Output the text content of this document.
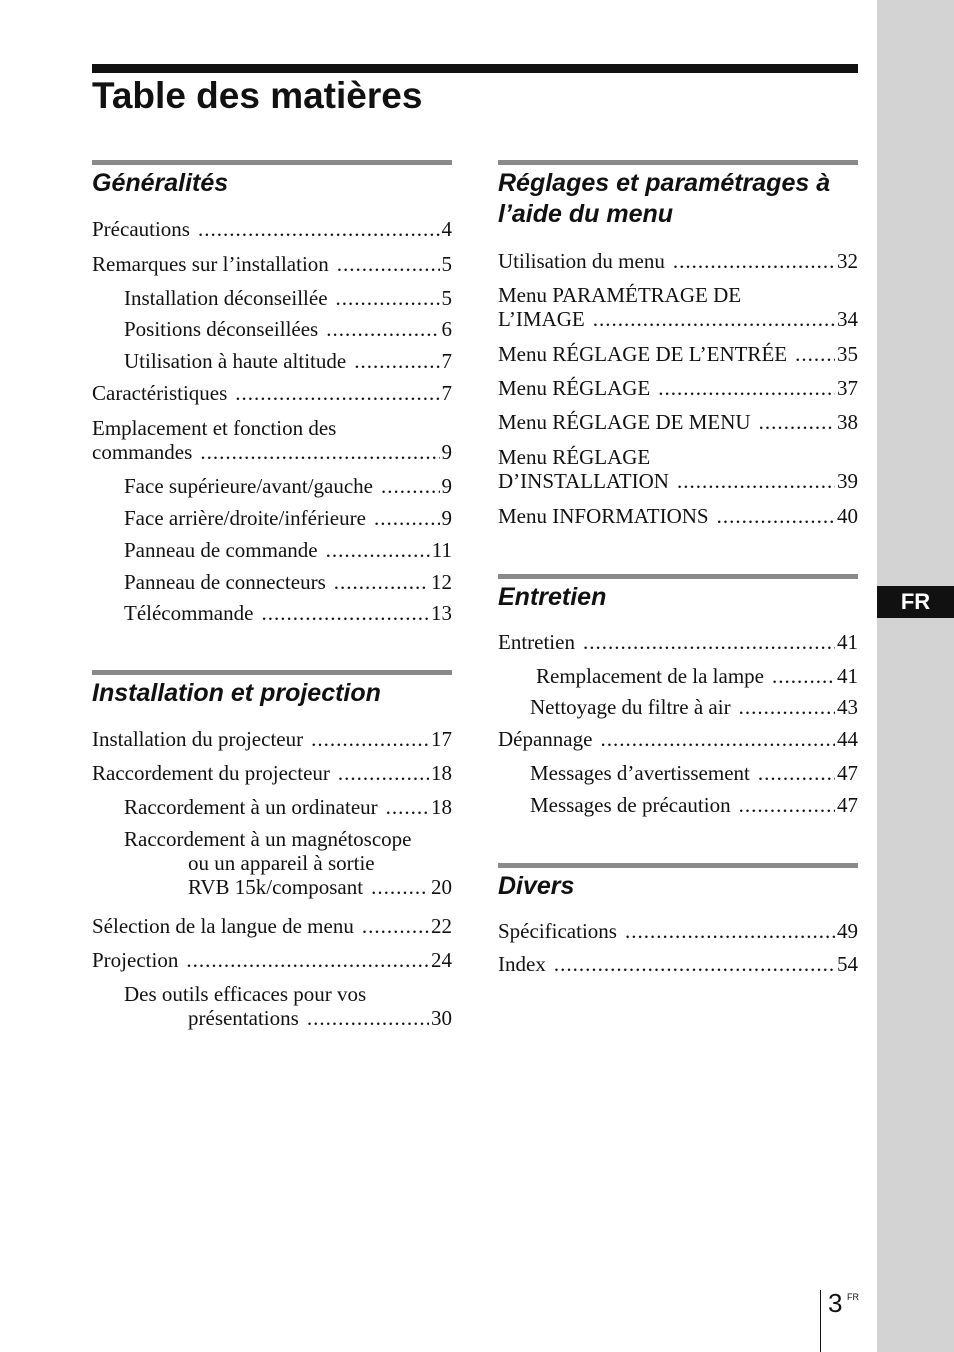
FR
Table des matières
Généralités
Précautions .....	4
Remarques sur l’installation .....	5
Installation déconseillée .....	5
Positions déconseillées .....	6
Utilisation à haute altitude .....	7
Caractéristiques .....	7
Emplacement et fonction des
commandes .....	9
Face supérieure/avant/gauche .....	9
Face arrière/droite/inférieure .....	9
Panneau de commande .....	11
Panneau de connecteurs .....	12
Télécommande .....	13
Installation et projection
Installation du projecteur .....	17
Raccordement du projecteur .....	18
Raccordement à un ordinateur .....	18
Raccordement à un magnétoscope
ou un appareil à sortie
RVB 15k/composant .....	20
Sélection de la langue de menu .....	22
Projection .....	24
Des outils efficaces pour vos
présentations .....	30
Réglages et paramétrages à
l’aide du menu
Utilisation du menu .....	32
Menu PARAMÉTRAGE DE
L’IMAGE .....	34
Menu RÉGLAGE DE L’ENTRÉE ..... 35
Menu RÉGLAGE .....	37
Menu RÉGLAGE DE MENU .....	38
Menu RÉGLAGE
D’INSTALLATION .....	39
Menu INFORMATIONS .....	40
Entretien
Entretien .....	41
Remplacement de la lampe .....	41
Nettoyage du filtre à air .....	43
Dépannage .....	44
Messages d’avertissement .....	47
Messages de précaution .....	47
Divers
Spécifications .....	49
Index .....	54
3 FR
